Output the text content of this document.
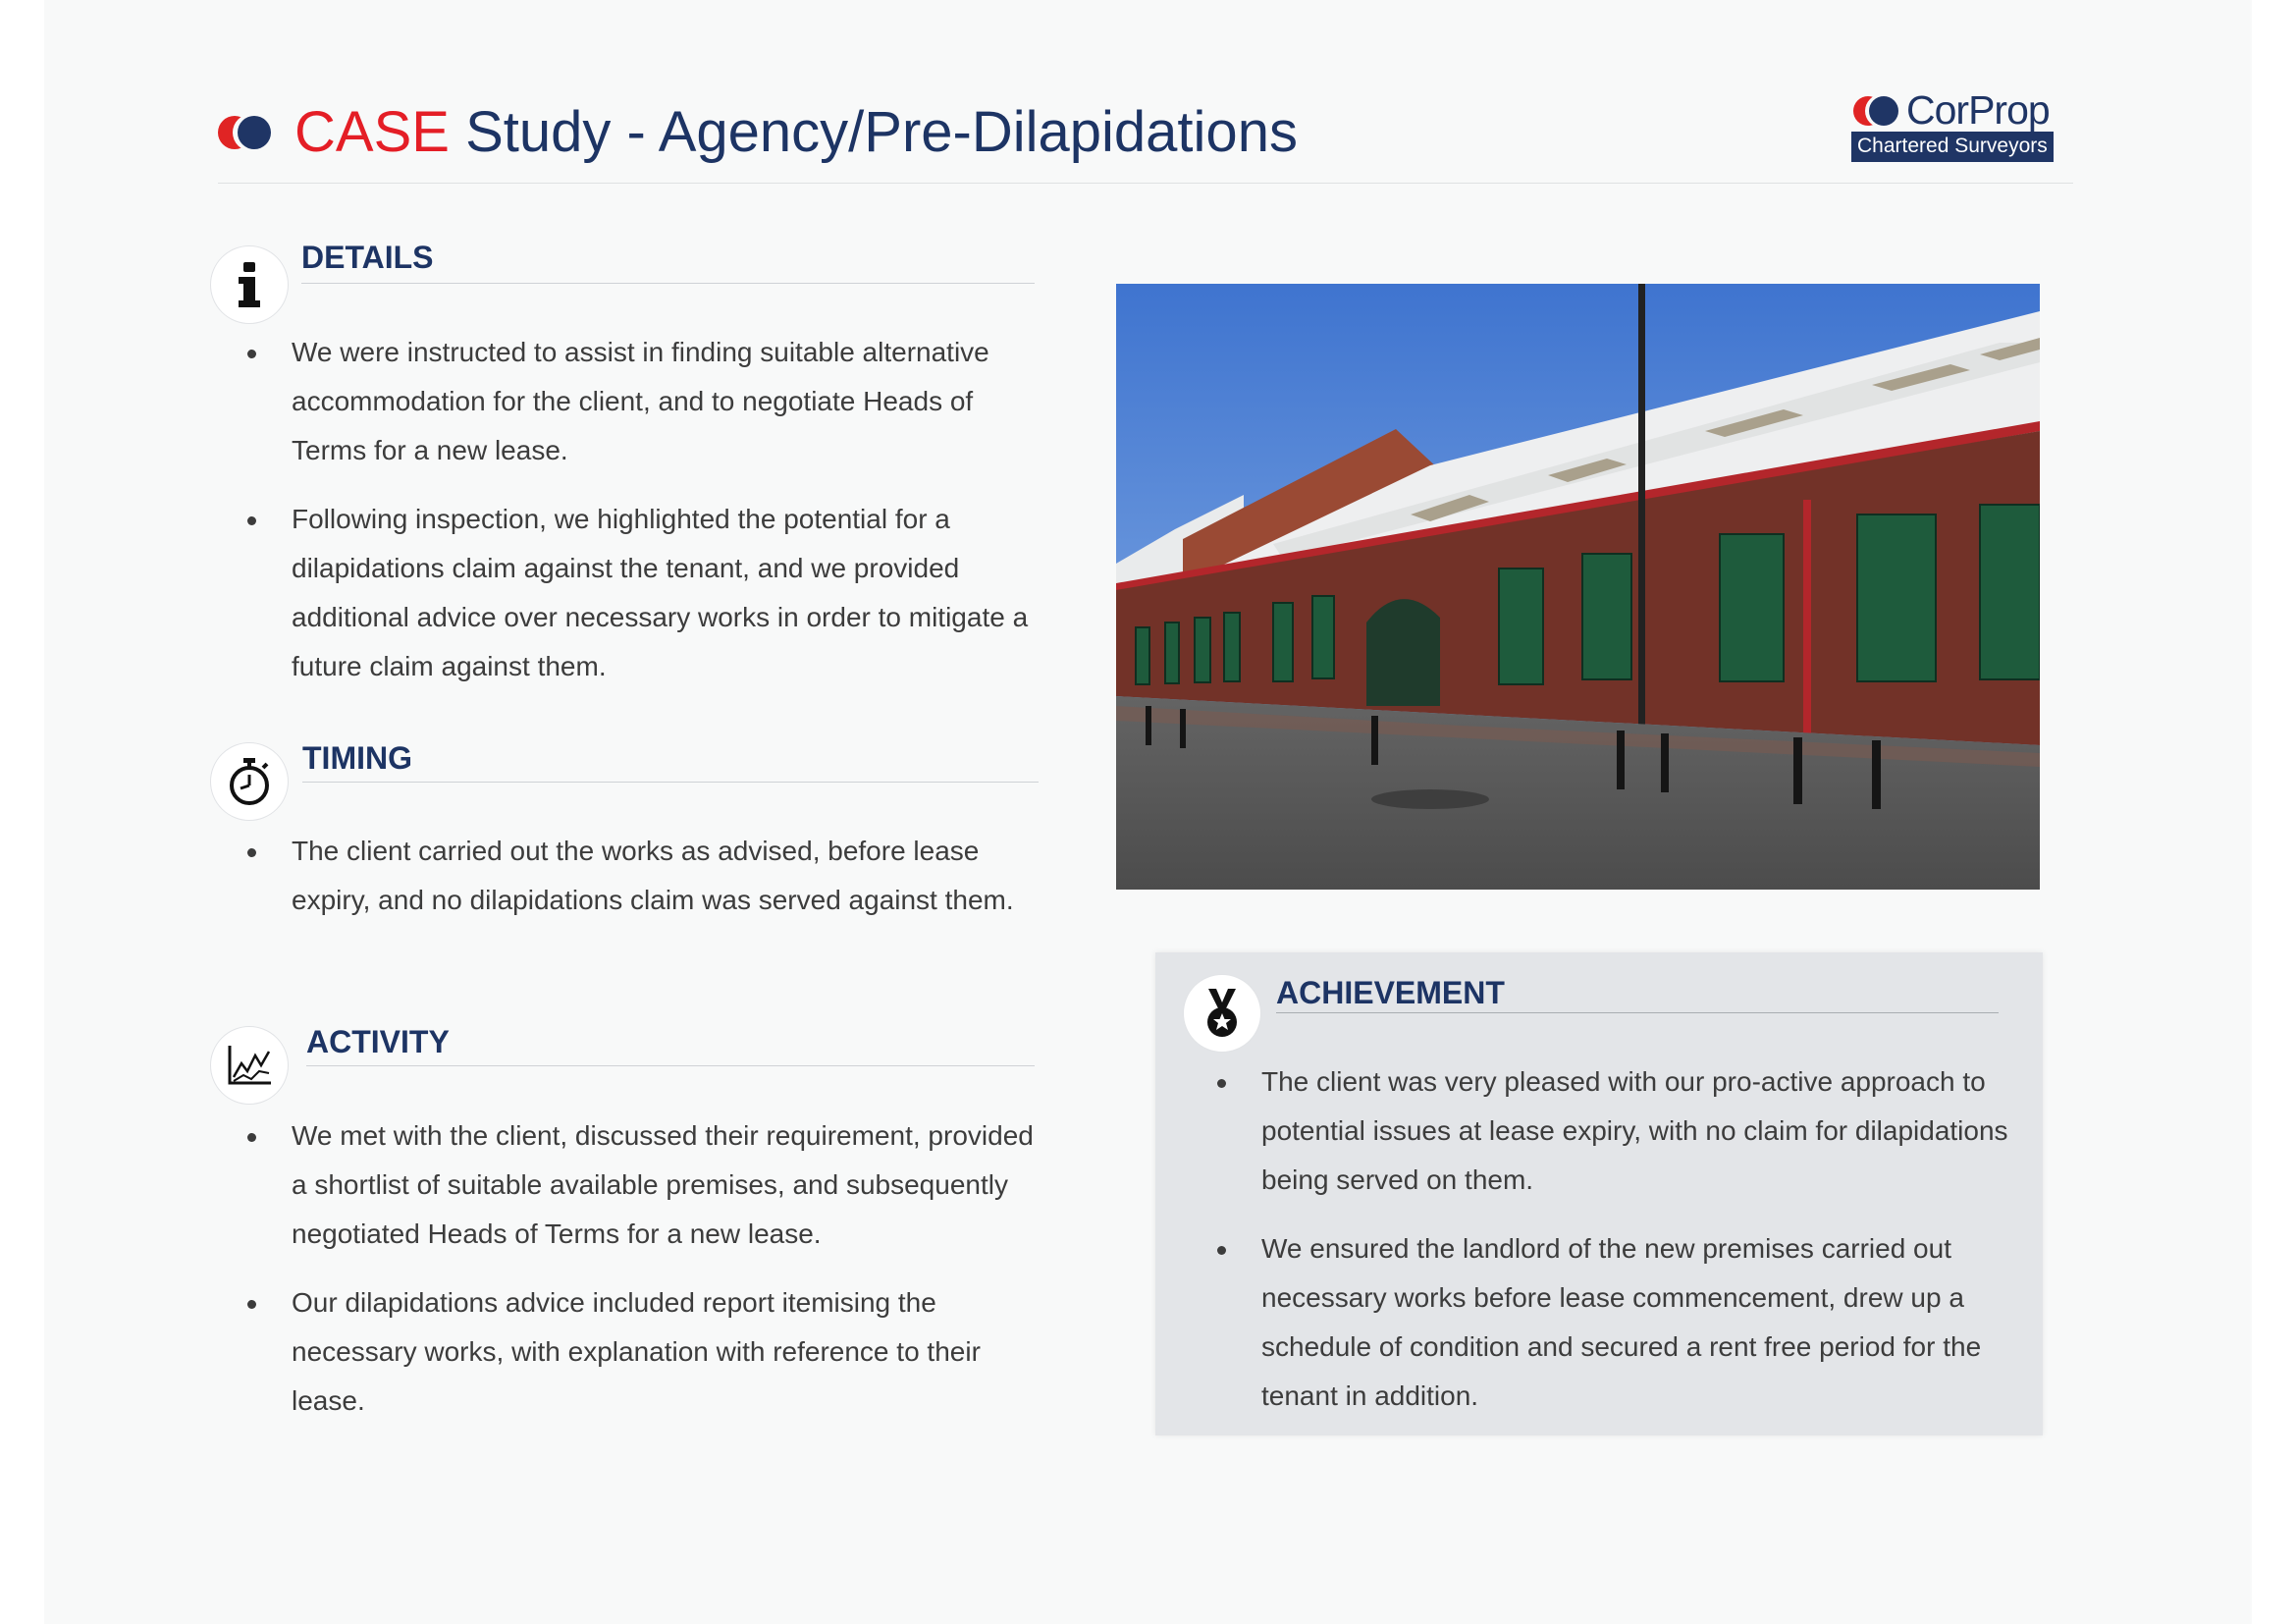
CASE Study - Agency/Pre-Dilapidations	CorProp
Chartered Surveyors
DETAILS
We were instructed to assist in finding suitable alternative accommodation for the client, and to negotiate Heads of Terms for a new lease.
Following inspection, we highlighted the potential for a dilapidations claim against the tenant, and we provided additional advice over necessary works in order to mitigate a future claim against them.
TIMING
The client carried out the works as advised, before lease expiry, and no dilapidations claim was served against them.
ACTIVITY
We met with the client, discussed their requirement, provided a shortlist of suitable available premises, and subsequently negotiated Heads of Terms for a new lease.
Our dilapidations advice included report itemising the necessary works, with explanation with reference to their lease.
ACHIEVEMENT
The client was very pleased with our pro-active approach to potential issues at lease expiry, with no claim for dilapidations being served on them.
We ensured the landlord of the new premises carried out necessary works before lease commencement, drew up a schedule of condition and secured a rent free period for the tenant in addition.
